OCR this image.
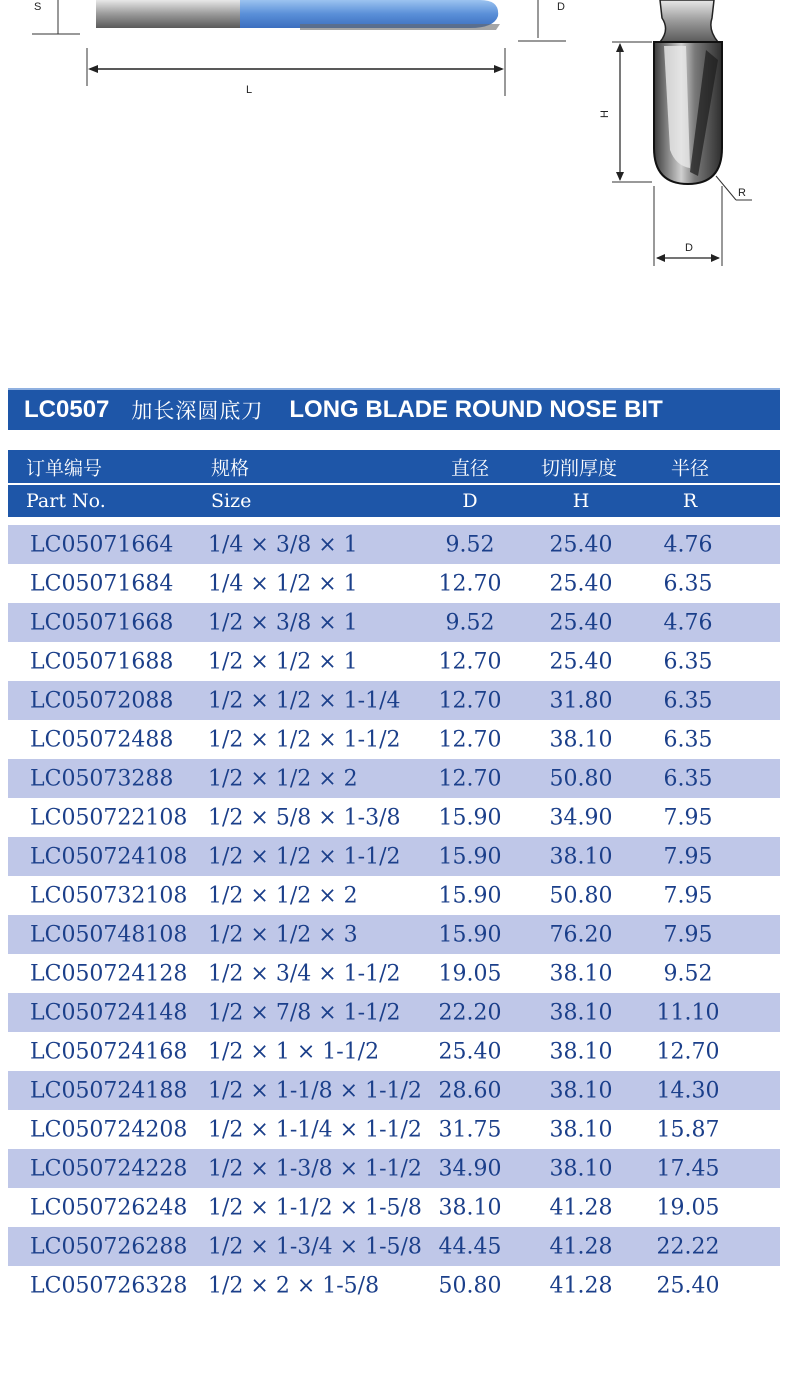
S
L
D
H
R
D
LC0507 加长深圆底刀 LONG BLADE ROUND NOSE BIT
订单编号	规格	直径	切削厚度	半径
Part No.	Size	D	H	R
LC05071664 1/4 × 3/8 × 1	9.52	25.40 4.76
LC05071684 1/4 × 1/2 × 1	12.70 25.40 6.35
LC05071668 1/2 × 3/8 × 1	9.52	25.40 4.76
LC05071688 1/2 × 1/2 × 1	12.70 25.40 6.35
LC05072088 1/2 × 1/2 × 1-1/4 12.70 31.80 6.35
LC05072488 1/2 × 1/2 × 1-1/2 12.70 38.10 6.35
LC05073288 1/2 × 1/2 × 2	12.70 50.80 6.35
LC050722108 1/2 × 5/8 × 1-3/8 15.90 34.90 7.95
LC050724108 1/2 × 1/2 × 1-1/2 15.90 38.10 7.95
LC050732108 1/2 × 1/2 × 2	15.90 50.80 7.95
LC050748108 1/2 × 1/2 × 3	15.90 76.20 7.95
LC050724128 1/2 × 3/4 × 1-1/2 19.05 38.10 9.52
LC050724148 1/2 × 7/8 × 1-1/2 22.20 38.10 11.10
LC050724168 1/2 × 1 × 1-1/2	25.40 38.10 12.70
LC050724188 1/2 × 1-1/8 × 1-1/2 28.60 38.10 14.30
LC050724208 1/2 × 1-1/4 × 1-1/2 31.75 38.10 15.87
LC050724228 1/2 × 1-3/8 × 1-1/2 34.90 38.10 17.45
LC050726248 1/2 × 1-1/2 × 1-5/8 38.10 41.28 19.05
LC050726288 1/2 × 1-3/4 × 1-5/8 44.45 41.28 22.22
LC050726328 1/2 × 2 × 1-5/8	50.80 41.28 25.40
